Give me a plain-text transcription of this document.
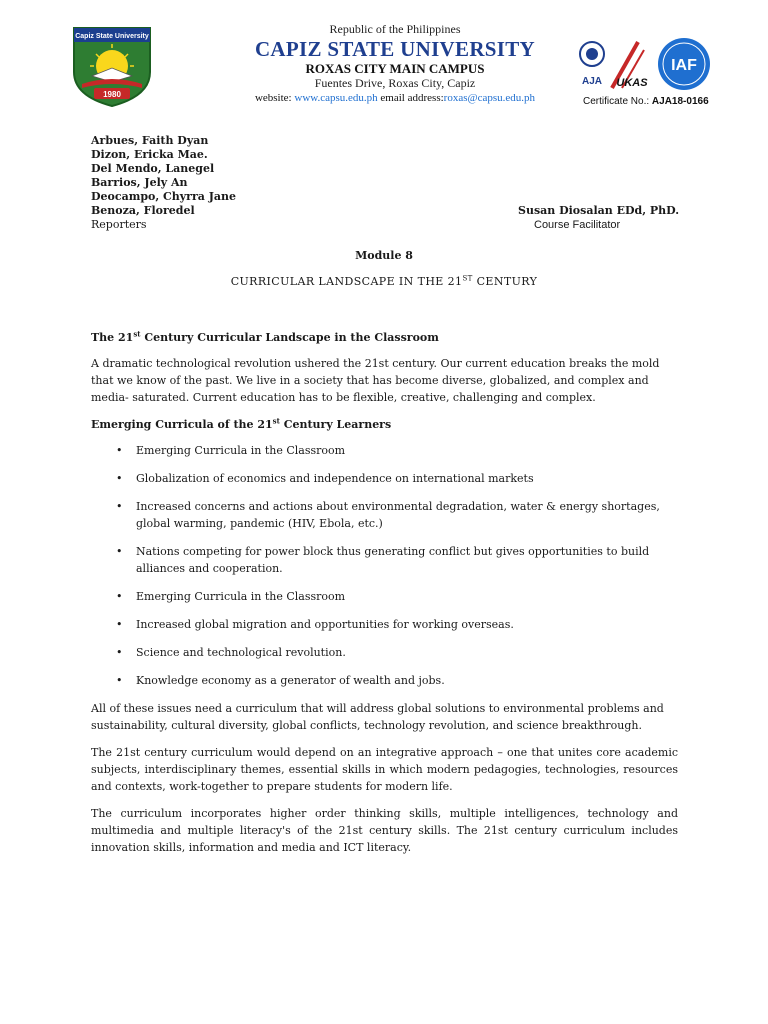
Capiz State University
1980
Republic of the Philippines
CAPIZ STATE UNIVERSITY
ROXAS CITY MAIN CAMPUS
Fuentes Drive, Roxas City, Capiz
website: www.capsu.edu.ph email address:roxas@capsu.edu.ph
AJA UKAS
IAF
Certificate No.: AJA18-0166
Arbues, Faith Dyan
Dizon, Ericka Mae.
Del Mendo, Lanegel
Barrios, Jely An
Deocampo, Chyrra Jane
Benoza, Floredel
Reporters
Susan Diosalan EDd, PhD.
Course Facilitator
Module 8
CURRICULAR LANDSCAPE IN THE 21ST CENTURY
The 21st Century Curricular Landscape in the Classroom
A dramatic technological revolution ushered the 21st century. Our current education breaks the mold that we know of the past. We live in a society that has become diverse, globalized, and complex and media- saturated. Current education has to be flexible, creative, challenging and complex.
Emerging Curricula of the 21st Century Learners
• Emerging Curricula in the Classroom
• Globalization of economics and independence on international markets
• Increased concerns and actions about environmental degradation, water & energy shortages, global warming, pandemic (HIV, Ebola, etc.)
• Nations competing for power block thus generating conflict but gives opportunities to build alliances and cooperation.
• Emerging Curricula in the Classroom
• Increased global migration and opportunities for working overseas.
• Science and technological revolution.
• Knowledge economy as a generator of wealth and jobs.
All of these issues need a curriculum that will address global solutions to environmental problems and sustainability, cultural diversity, global conflicts, technology revolution, and science breakthrough.
The 21st century curriculum would depend on an integrative approach – one that unites core academic subjects, interdisciplinary themes, essential skills in which modern pedagogies, technologies, resources and contexts, work-together to prepare students for modern life.
The curriculum incorporates higher order thinking skills, multiple intelligences, technology and multimedia and multiple literacy's of the 21st century skills. The 21st century curriculum includes innovation skills, information and media and ICT literacy.
